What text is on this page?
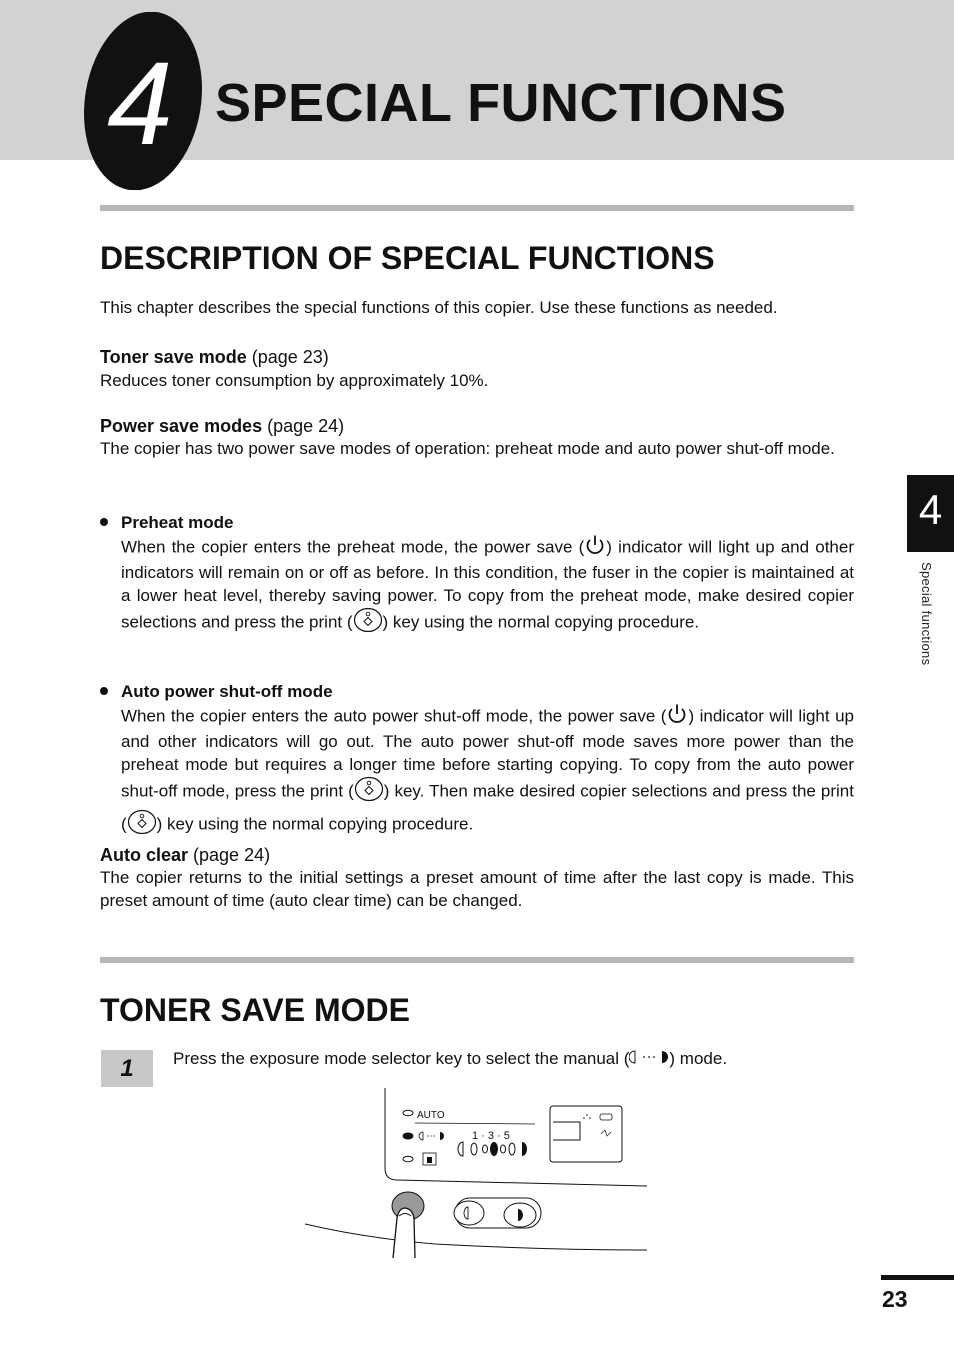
4 SPECIAL FUNCTIONS
4
Special functions
DESCRIPTION OF SPECIAL FUNCTIONS

This chapter describes the special functions of this copier. Use these functions as needed.

Toner save mode (page 23)

Reduces toner consumption by approximately 10%.

Power save modes (page 24)

The copier has two power save modes of operation: preheat mode and auto power shut-off mode.

Preheat mode

When the copier enters the preheat mode, the power save ( ) indicator will light up and other indicators will remain on or off as before. In this condition, the fuser in the copier is maintained at a lower heat level, thereby saving power. To copy from the preheat mode, make desired copier selections and press the print ( ) key using the normal copying procedure.

Auto power shut-off mode

When the copier enters the auto power shut-off mode, the power save ( ) indicator will light up and other indicators will go out. The auto power shut-off mode saves more power than the preheat mode but requires a longer time before starting copying. To copy from the auto power shut-off mode, press the print ( ) key. Then make desired copier selections and press the print ( ) key using the normal copying procedure.

Auto clear (page 24)

The copier returns to the initial settings a preset amount of time after the last copy is made. This preset amount of time (auto clear time) can be changed.

TONER SAVE MODE
1	Press the exposure mode selector key to select the manual ( ) mode.

AUTO
1 · 3 · 5
23
